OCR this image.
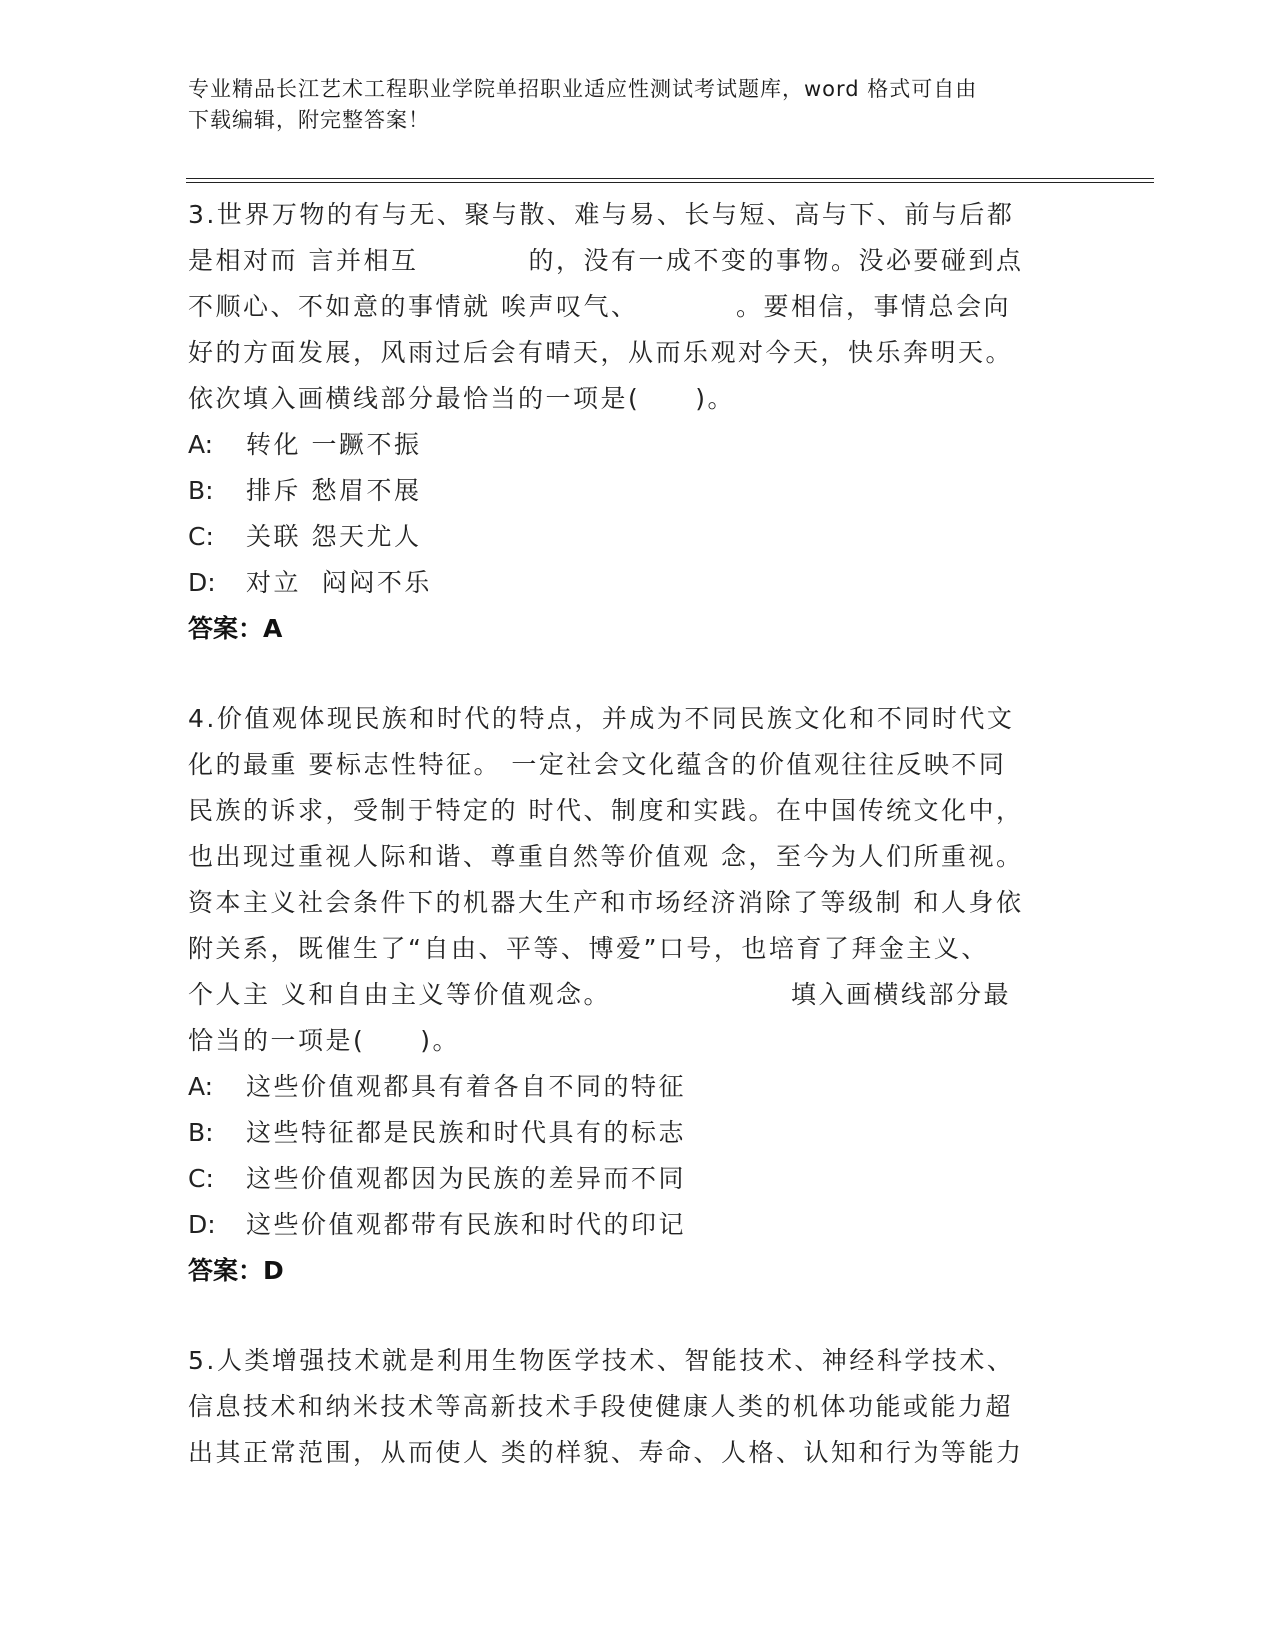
专业精品长江艺术工程职业学院单招职业适应性测试考试题库，word 格式可自由

下载编辑，附完整答案！

3.世界万物的有与无、聚与散、难与易、长与短、高与下、前与后都

是相对而 言并相互　　　　的，没有一成不变的事物。没必要碰到点

不顺心、不如意的事情就 唉声叹气、　　　　。要相信，事情总会向

好的方面发展，风雨过后会有晴天，从而乐观对今天，快乐奔明天。

依次填入画横线部分最恰当的一项是(　　)。

A: 转化 一蹶不振

B: 排斥 愁眉不展

C: 关联 怨天尤人

D: 对立  闷闷不乐

答案：A

4.价值观体现民族和时代的特点，并成为不同民族文化和不同时代文

化的最重 要标志性特征。 一定社会文化蕴含的价值观往往反映不同

民族的诉求，受制于特定的 时代、制度和实践。在中国传统文化中，

也出现过重视人际和谐、尊重自然等价值观 念，至今为人们所重视。

资本主义社会条件下的机器大生产和市场经济消除了等级制 和人身依

附关系，既催生了“自由、平等、博爱”口号，也培育了拜金主义、

个人主 义和自由主义等价值观念。　　　　　　　填入画横线部分最

恰当的一项是(　　)。

A: 这些价值观都具有着各自不同的特征

B: 这些特征都是民族和时代具有的标志

C: 这些价值观都因为民族的差异而不同

D: 这些价值观都带有民族和时代的印记

答案：D

5.人类增强技术就是利用生物医学技术、智能技术、神经科学技术、

信息技术和纳米技术等高新技术手段使健康人类的机体功能或能力超

出其正常范围，从而使人 类的样貌、寿命、人格、认知和行为等能力
